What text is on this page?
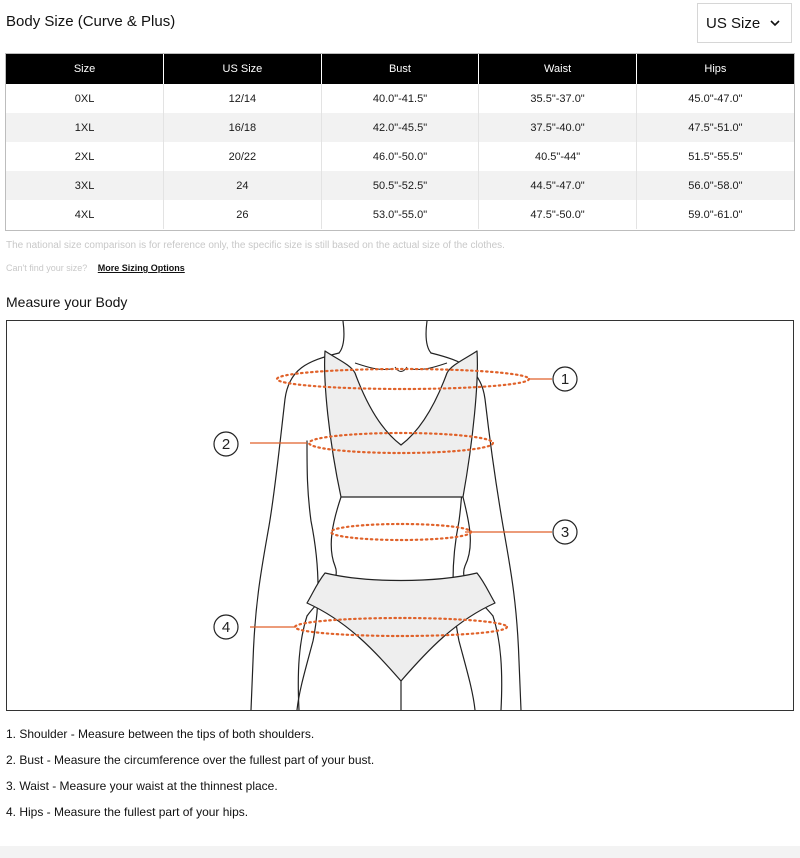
Body Size (Curve & Plus)	US Size
Size	US Size	Bust	Waist	Hips
0XL	12/14	40.0"-41.5"	35.5"-37.0"	45.0"-47.0"
1XL	16/18	42.0"-45.5"	37.5"-40.0"	47.5"-51.0"
2XL	20/22	46.0"-50.0"	40.5"-44"	51.5"-55.5"
3XL	24	50.5"-52.5"	44.5"-47.0"	56.0"-58.0"
4XL	26	53.0"-55.0"	47.5"-50.0"	59.0"-61.0"
The national size comparison is for reference only, the specific size is still based on the actual size of the clothes.
Can't find your size? More Sizing Options
Measure your Body
1
2
3
4
1. Shoulder - Measure between the tips of both shoulders.
2. Bust - Measure the circumference over the fullest part of your bust.
3. Waist - Measure your waist at the thinnest place.
4. Hips - Measure the fullest part of your hips.
